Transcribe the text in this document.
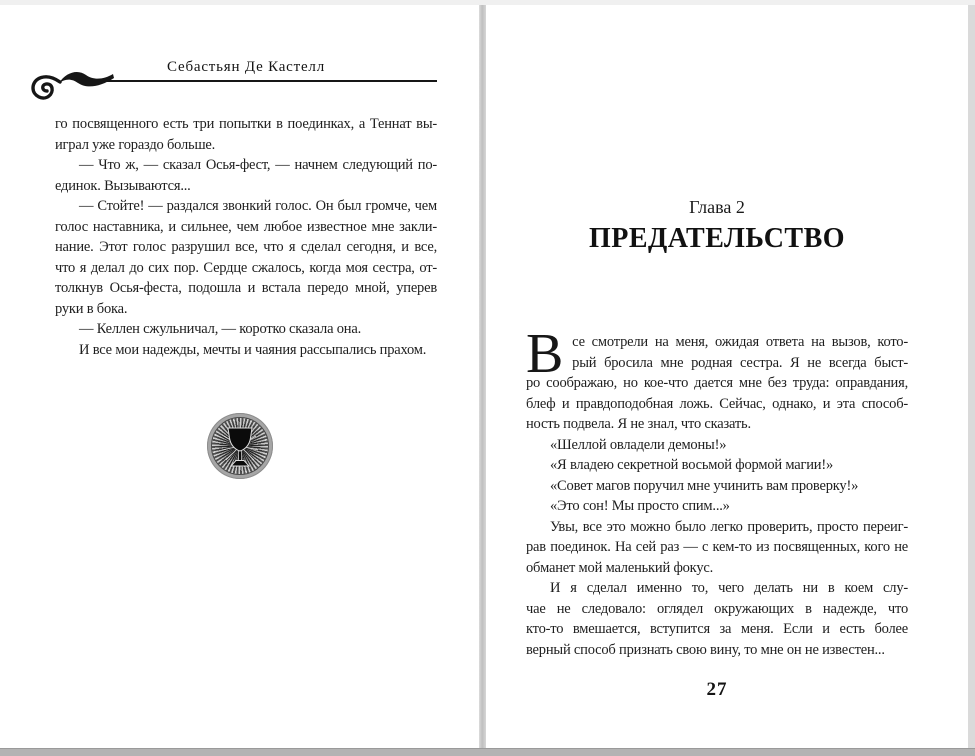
Себастьян Де Кастелл
го посвященного есть три попытки в поединках, а Теннат вы-
играл уже гораздо больше.
— Что ж, — сказал Осья-фест, — начнем следующий по-
единок. Вызываются...
— Стойте! — раздался звонкий голос. Он был громче, чем
голос наставника, и сильнее, чем любое известное мне закли-
нание. Этот голос разрушил все, что я сделал сегодня, и все,
что я делал до сих пор. Сердце сжалось, когда моя сестра, от-
толкнув Осья-феста, подошла и встала передо мной, уперев
руки в бока.
— Келлен сжульничал, — коротко сказала она.
И все мои надежды, мечты и чаяния рассыпались прахом.
Глава 2
ПРЕДАТЕЛЬСТВО
В се смотрели на меня, ожидая ответа на вызов, кото-
рый бросила мне родная сестра. Я не всегда быст-
ро соображаю, но кое-что дается мне без труда: оправдания,
блеф и правдоподобная ложь. Сейчас, однако, и эта способ-
ность подвела. Я не знал, что сказать.
«Шеллой овладели демоны!»
«Я владею секретной восьмой формой магии!»
«Совет магов поручил мне учинить вам проверку!»
«Это сон! Мы просто спим...»
Увы, все это можно было легко проверить, просто переиг-
рав поединок. На сей раз — с кем-то из посвященных, кого не
обманет мой маленький фокус.
И я сделал именно то, чего делать ни в коем слу-
чае не следовало: оглядел окружающих в надежде, что
кто-то вмешается, вступится за меня. Если и есть более
верный способ признать свою вину, то мне он не известен...
27
